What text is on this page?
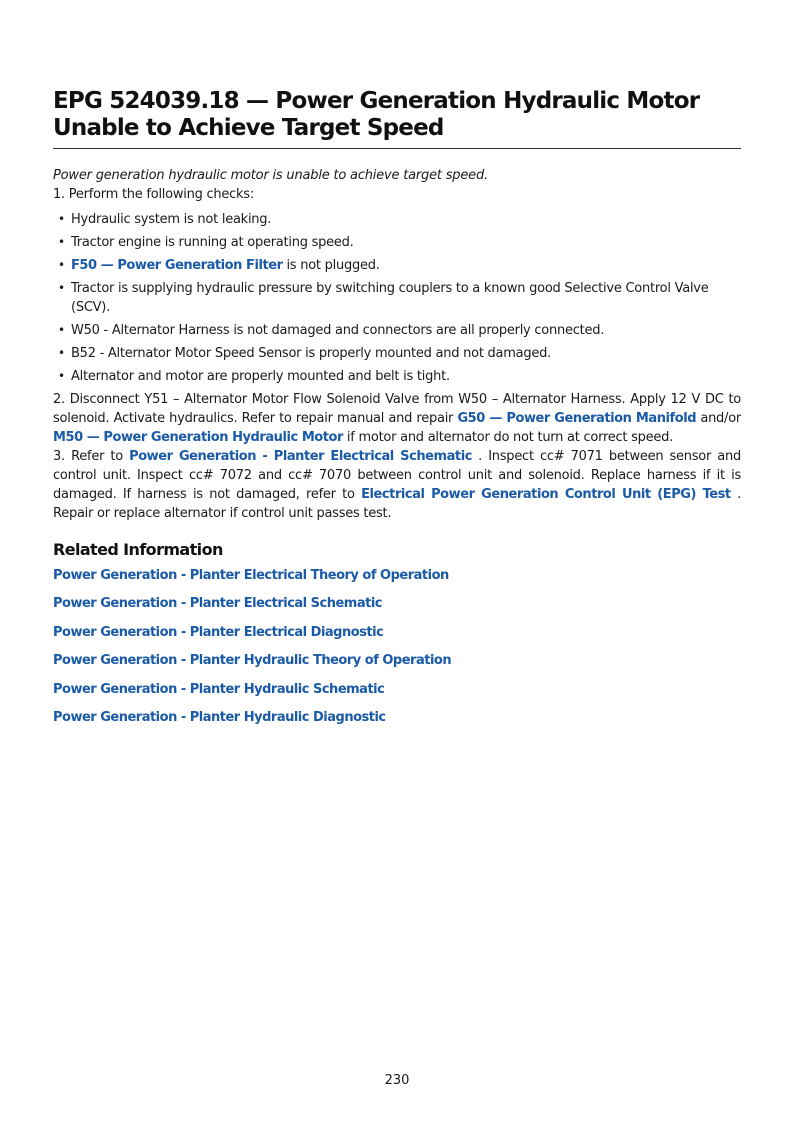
EPG 524039.18 — Power Generation Hydraulic Motor Unable to Achieve Target Speed

Power generation hydraulic motor is unable to achieve target speed.

1. Perform the following checks:

• Hydraulic system is not leaking.
• Tractor engine is running at operating speed.
• F50 — Power Generation Filter is not plugged.
• Tractor is supplying hydraulic pressure by switching couplers to a known good Selective Control Valve (SCV).
• W50 - Alternator Harness is not damaged and connectors are all properly connected.
• B52 - Alternator Motor Speed Sensor is properly mounted and not damaged.
• Alternator and motor are properly mounted and belt is tight.

2. Disconnect Y51 – Alternator Motor Flow Solenoid Valve from W50 – Alternator Harness. Apply 12 V DC to solenoid. Activate hydraulics. Refer to repair manual and repair G50 — Power Generation Manifold and/or M50 — Power Generation Hydraulic Motor if motor and alternator do not turn at correct speed.

3. Refer to Power Generation - Planter Electrical Schematic . Inspect cc# 7071 between sensor and control unit. Inspect cc# 7072 and cc# 7070 between control unit and solenoid. Replace harness if it is damaged. If harness is not damaged, refer to Electrical Power Generation Control Unit (EPG) Test . Repair or replace alternator if control unit passes test.

Related Information
Power Generation - Planter Electrical Theory of Operation
Power Generation - Planter Electrical Schematic
Power Generation - Planter Electrical Diagnostic
Power Generation - Planter Hydraulic Theory of Operation
Power Generation - Planter Hydraulic Schematic
Power Generation - Planter Hydraulic Diagnostic
230
